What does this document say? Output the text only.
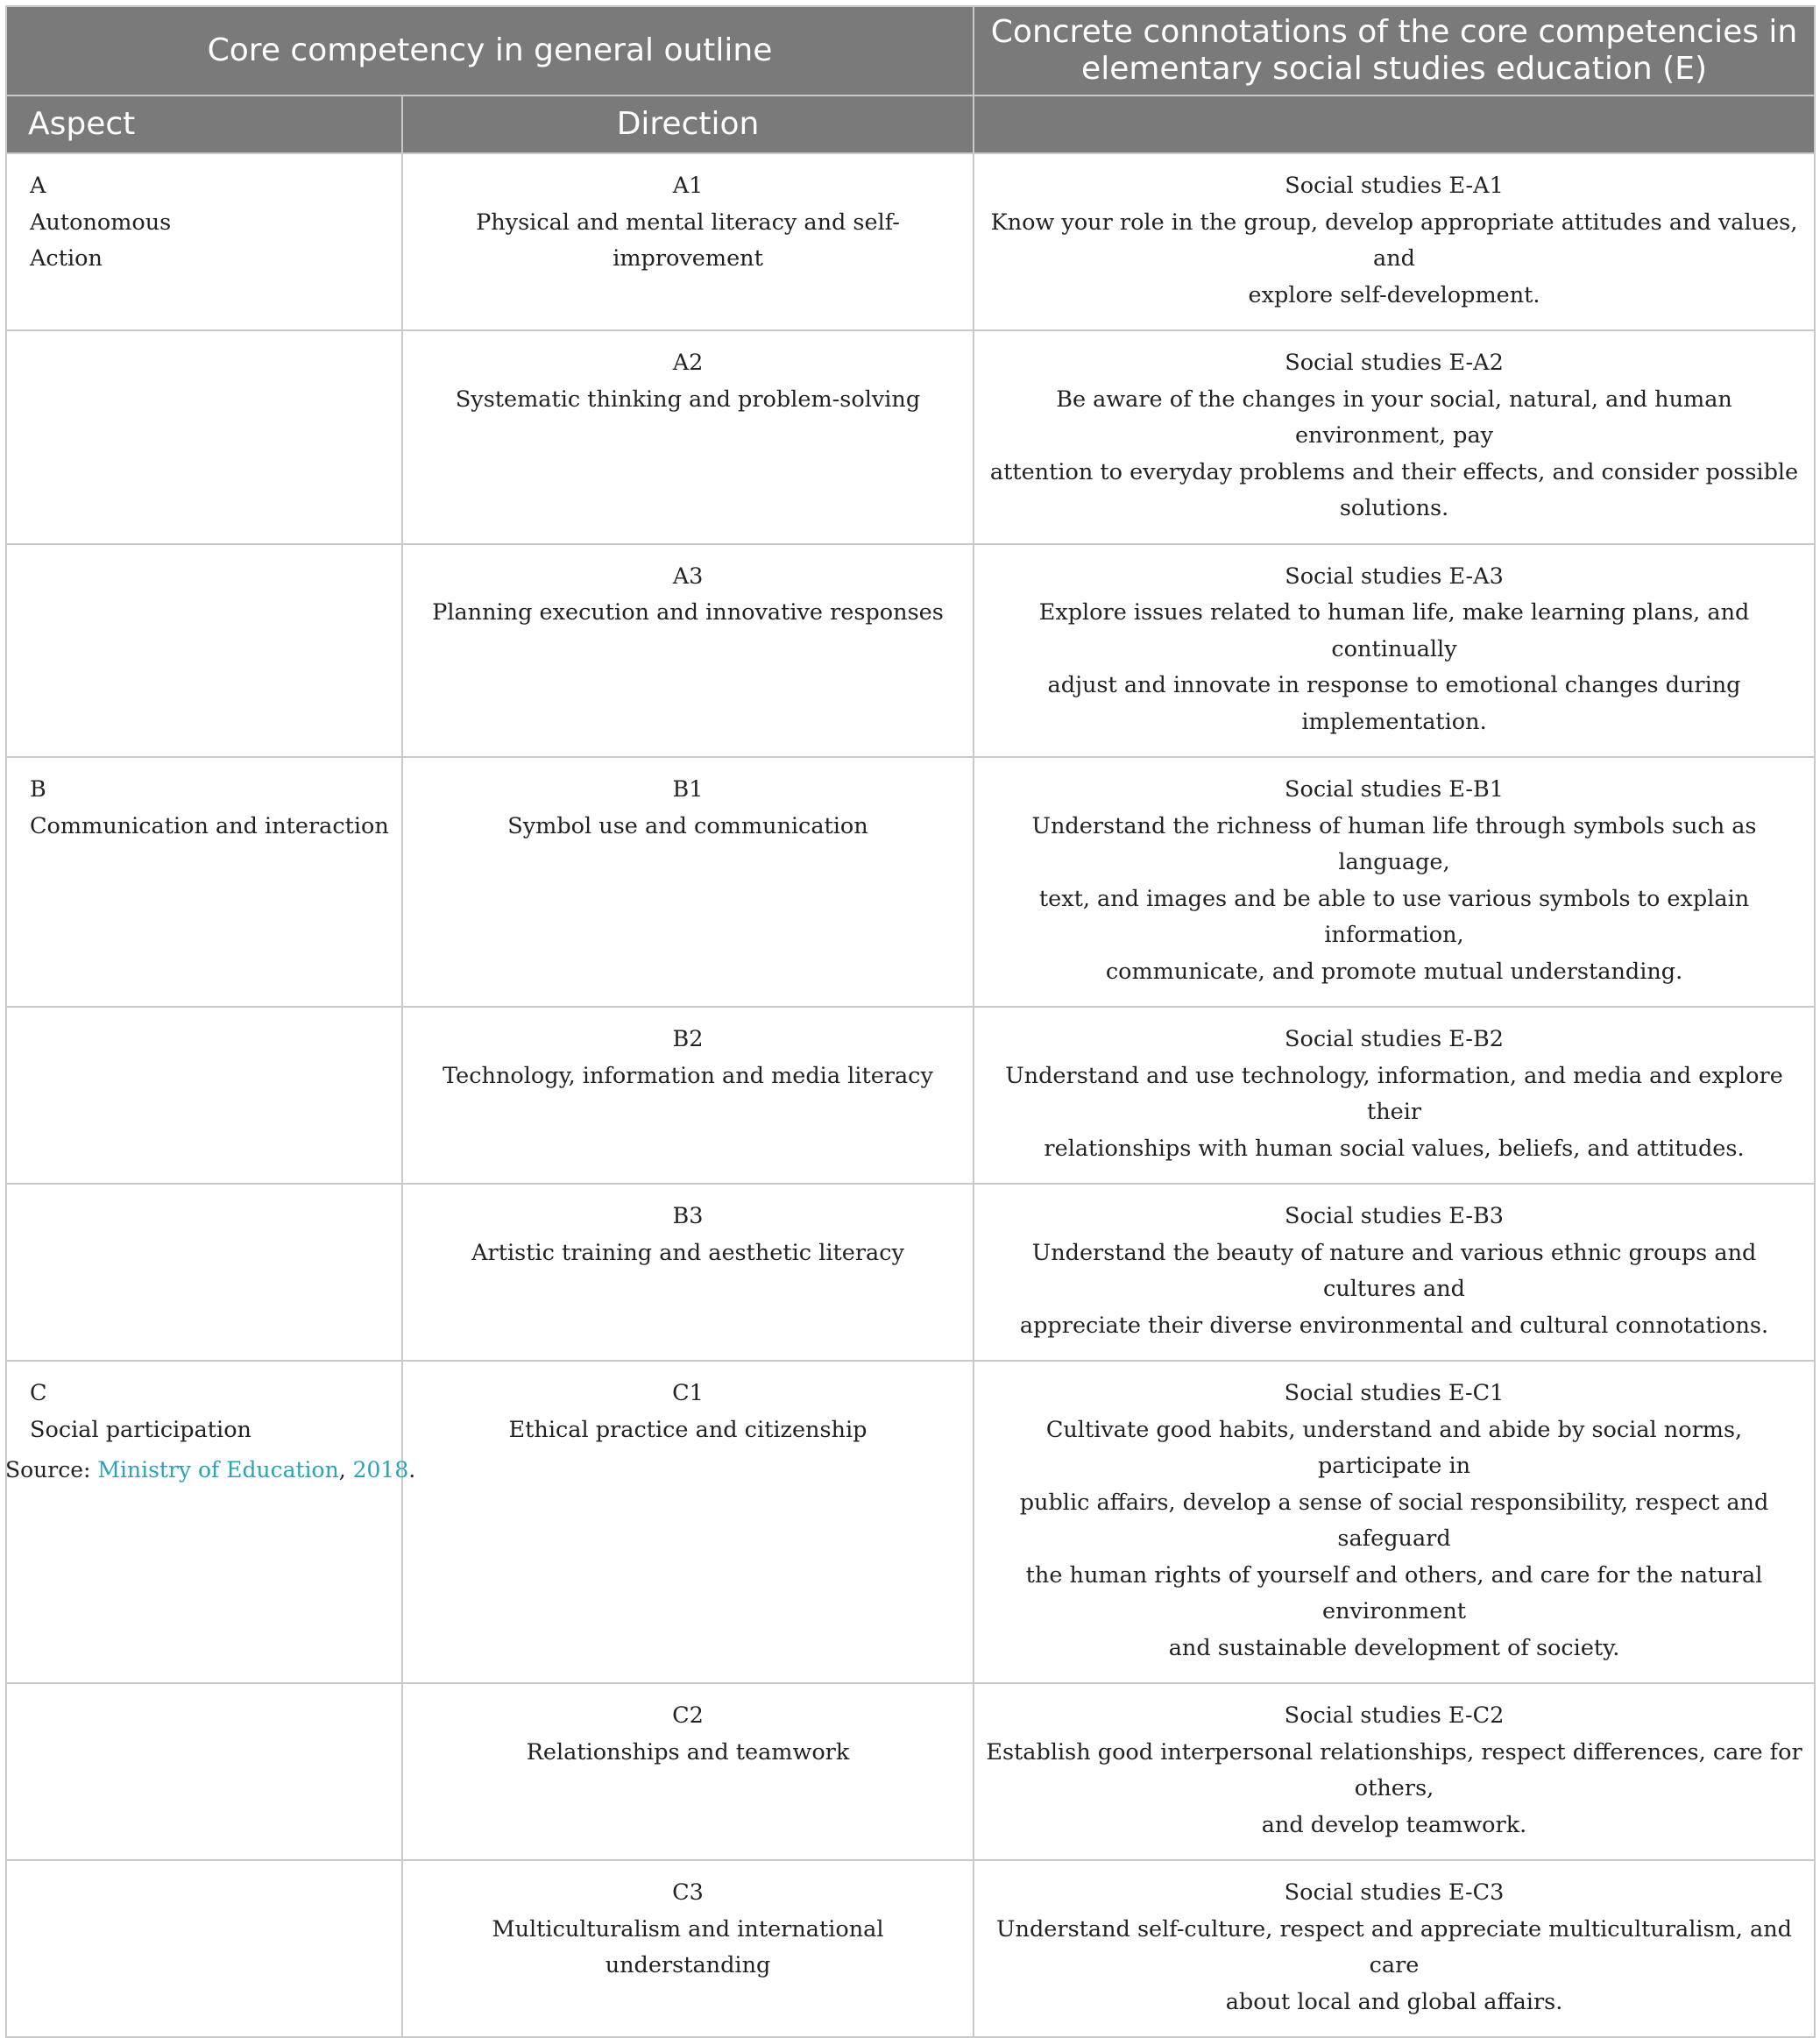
Core competency in general outline		Concrete connotations of the core competencies in elementary social studies education (E)
Aspect	Direction	

A
Autonomous
Action	A1
Physical and mental literacy and self-improvement	Social studies E-A1
Know your role in the group, develop appropriate attitudes and values, and
explore self-development.

	A2
Systematic thinking and problem-solving	Social studies E-A2
Be aware of the changes in your social, natural, and human environment, pay
attention to everyday problems and their effects, and consider possible
solutions.

	A3
Planning execution and innovative responses	Social studies E-A3
Explore issues related to human life, make learning plans, and continually
adjust and innovate in response to emotional changes during implementation.

B
Communication and interaction	B1
Symbol use and communication	Social studies E-B1
Understand the richness of human life through symbols such as language,
text, and images and be able to use various symbols to explain information,
communicate, and promote mutual understanding.

	B2
Technology, information and media literacy	Social studies E-B2
Understand and use technology, information, and media and explore their
relationships with human social values, beliefs, and attitudes.

	B3
Artistic training and aesthetic literacy	Social studies E-B3
Understand the beauty of nature and various ethnic groups and cultures and
appreciate their diverse environmental and cultural connotations.

C
Social participation	C1
Ethical practice and citizenship	Social studies E-C1
Cultivate good habits, understand and abide by social norms, participate in
public affairs, develop a sense of social responsibility, respect and safeguard
the human rights of yourself and others, and care for the natural environment
and sustainable development of society.

	C2
Relationships and teamwork	Social studies E-C2
Establish good interpersonal relationships, respect differences, care for others,
and develop teamwork.

	C3
Multiculturalism and international understanding	Social studies E-C3
Understand self-culture, respect and appreciate multiculturalism, and care
about local and global affairs.
Source: Ministry of Education, 2018.
